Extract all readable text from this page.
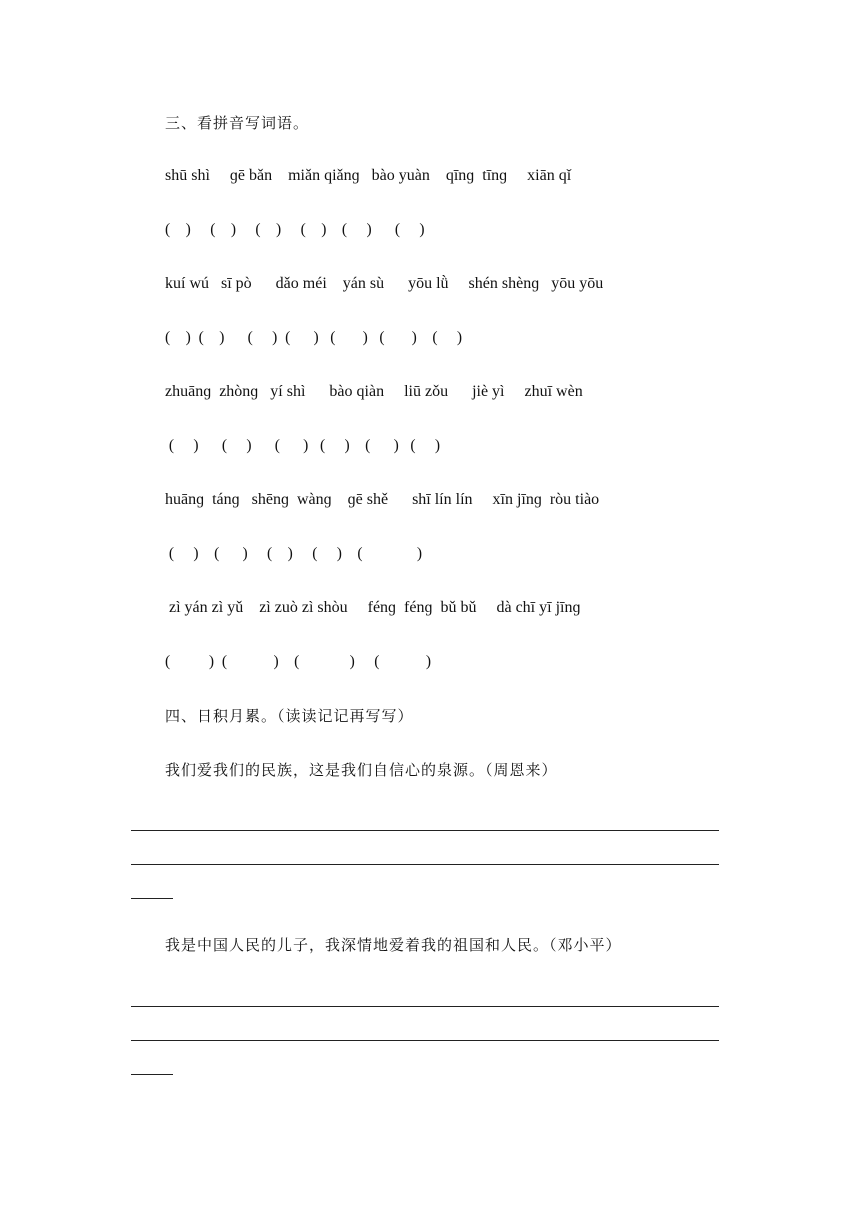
三、看拼音写词语。
shū shì     ɡē bǎn    miǎn qiǎnɡ   bào yuàn    qīnɡ  tīnɡ     xiān qǐ
(    )     (    )     (    )     (    )    (     )      (     )
kuí wú   sī pò      dǎo méi    yán sù      yōu lǜ     shén shènɡ   yōu yōu
(    )  (    )      (     )  (      )   (       )   (       )    (     )
zhuānɡ  zhònɡ   yí shì      bào qiàn     liū zǒu      jiè yì     zhuī wèn
(     )      (     )      (      )   (     )    (      )   (     )
huānɡ  tánɡ   shēnɡ  wànɡ    ɡē shě      shī lín lín     xīn jīnɡ  ròu tiào
(     )    (      )     (    )     (     )    (              )
zì yán zì yǔ    zì zuò zì shòu     fénɡ  fénɡ  bǔ bǔ     dà chī yī jīnɡ
(          )  (            )    (             )     (            )
四、日积月累。（读读记记再写写）
我们爱我们的民族，这是我们自信心的泉源。（周恩来）
我是中国人民的儿子，我深情地爱着我的祖国和人民。（邓小平）
